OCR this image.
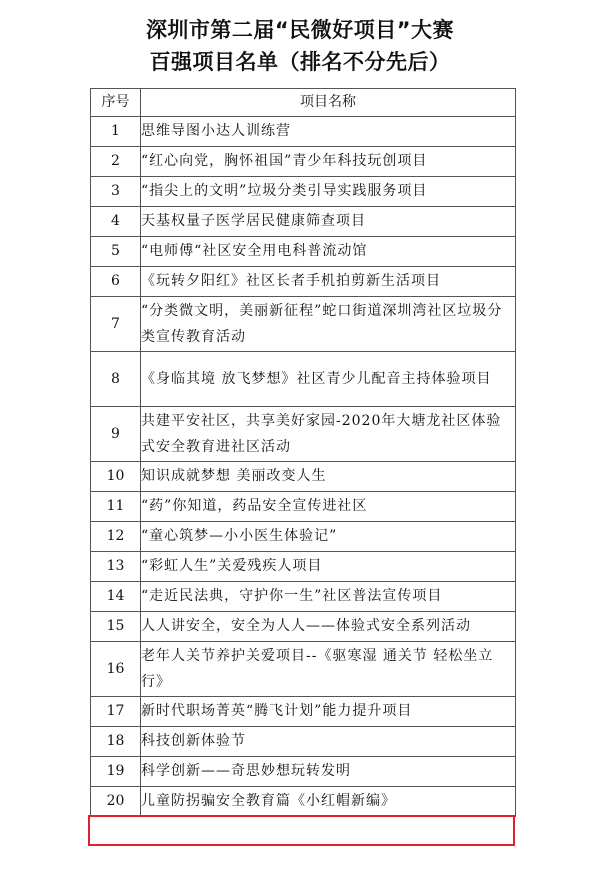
深圳市第二届“民微好项目”大赛
百强项目名单（排名不分先后）
序号	项目名称
1	思维导图小达人训练营
2	“红心向党，胸怀祖国”青少年科技玩创项目
3	“指尖上的文明”垃圾分类引导实践服务项目
4	天基权量子医学居民健康筛查项目
5	“电师傅“社区安全用电科普流动馆
6	《玩转夕阳红》社区长者手机拍剪新生活项目
7	“分类微文明，美丽新征程”蛇口街道深圳湾社区垃圾分类宣传教育活动
8	《身临其境 放飞梦想》社区青少儿配音主持体验项目
9	共建平安社区，共享美好家园-2020年大塘龙社区体验式安全教育进社区活动
10	知识成就梦想 美丽改变人生
11	“药”你知道，药品安全宣传进社区
12	“童心筑梦—小小医生体验记”
13	“彩虹人生”关爱残疾人项目
14	“走近民法典，守护你一生”社区普法宣传项目
15	人人讲安全，安全为人人——体验式安全系列活动
16	老年人关节养护关爱项目--《驱寒湿 通关节 轻松坐立行》
17	新时代职场菁英“腾飞计划”能力提升项目
18	科技创新体验节
19	科学创新——奇思妙想玩转发明
20	儿童防拐骗安全教育篇《小红帽新编》
